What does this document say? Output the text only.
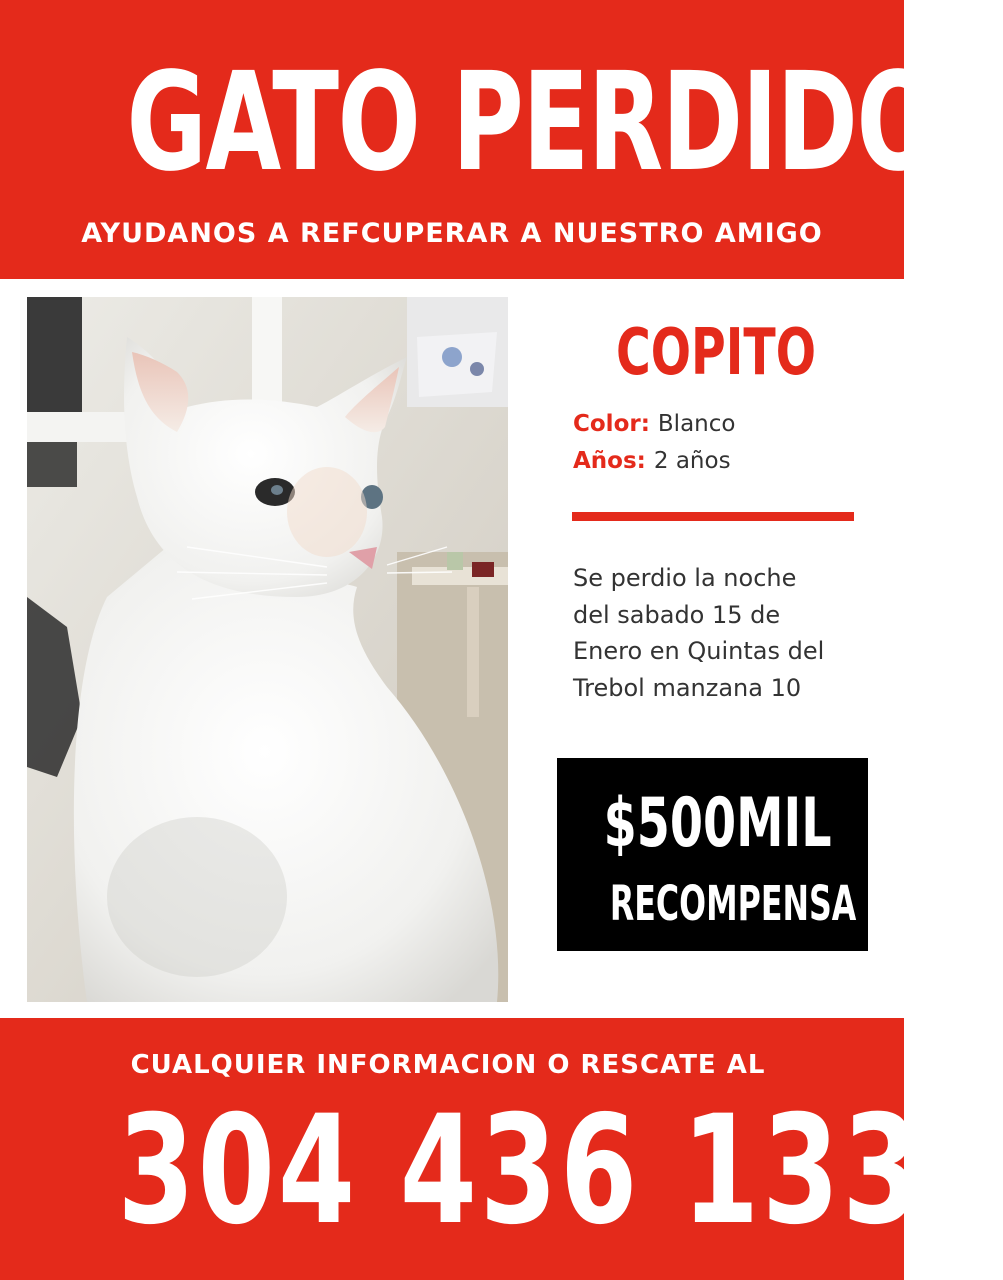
GATO PERDIDO
AYUDANOS A REFCUPERAR A NUESTRO AMIGO
COPITO
Color: Blanco
Años: 2 años
Se perdio la noche
del sabado 15 de
Enero en Quintas del
Trebol manzana 10
$500MIL
RECOMPENSA
CUALQUIER INFORMACION O RESCATE AL
304 436 1338
